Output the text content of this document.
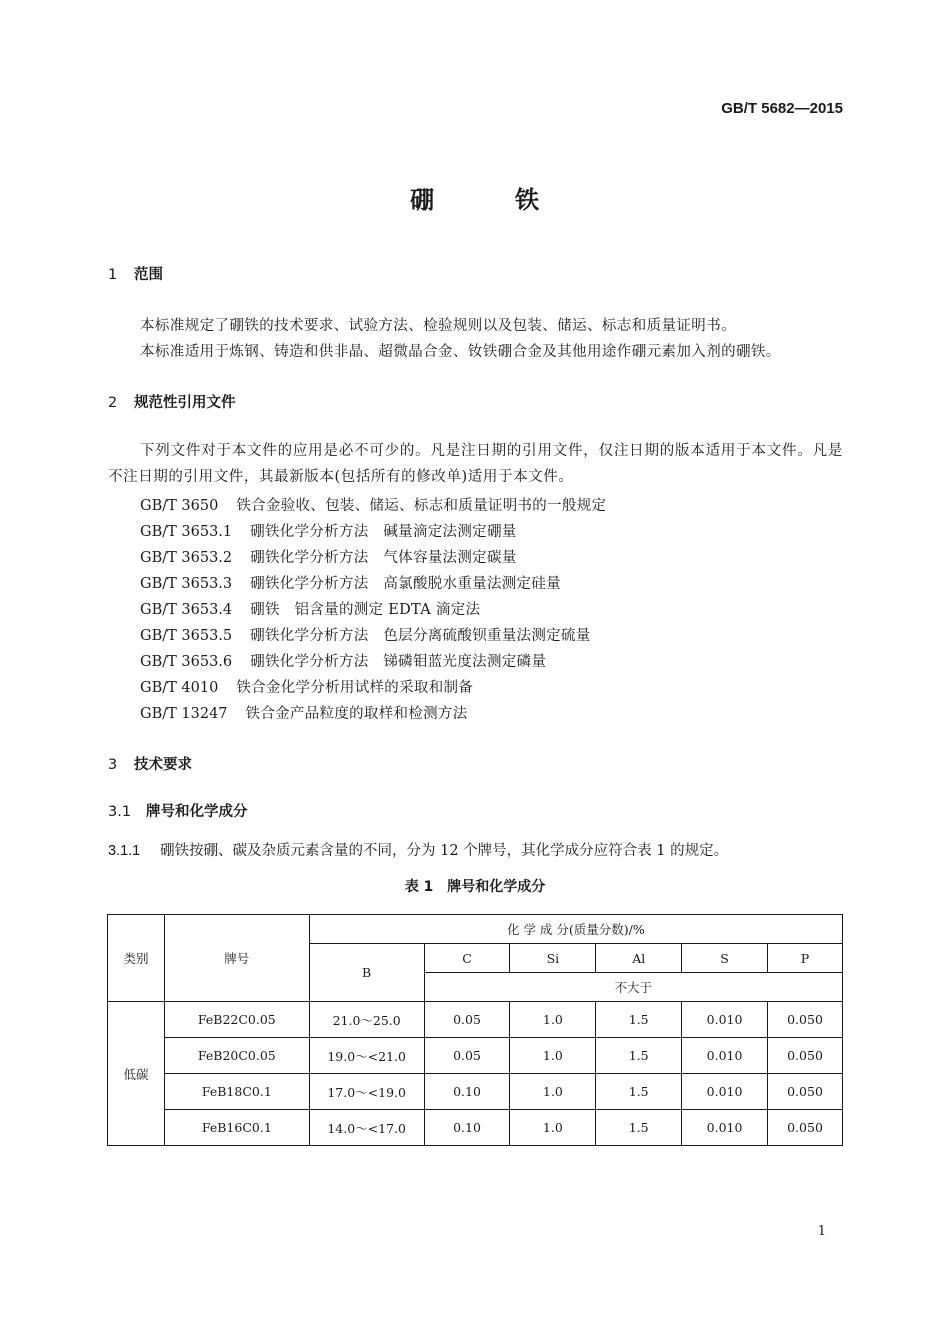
GB/T 5682—2015
硼	铁
1 范围
本标准规定了硼铁的技术要求、试验方法、检验规则以及包装、储运、标志和质量证明书。
本标准适用于炼钢、铸造和供非晶、超微晶合金、钕铁硼合金及其他用途作硼元素加入剂的硼铁。
2 规范性引用文件
下列文件对于本文件的应用是必不可少的。凡是注日期的引用文件，仅注日期的版本适用于本文件。凡是不注日期的引用文件，其最新版本(包括所有的修改单)适用于本文件。
GB/T 3650 铁合金验收、包装、储运、标志和质量证明书的一般规定
GB/T 3653.1 硼铁化学分析方法　碱量滴定法测定硼量
GB/T 3653.2 硼铁化学分析方法　气体容量法测定碳量
GB/T 3653.3 硼铁化学分析方法　高氯酸脱水重量法测定硅量
GB/T 3653.4 硼铁　铝含量的测定 EDTA 滴定法
GB/T 3653.5 硼铁化学分析方法　色层分离硫酸钡重量法测定硫量
GB/T 3653.6 硼铁化学分析方法　锑磷钼蓝光度法测定磷量
GB/T 4010 铁合金化学分析用试样的采取和制备
GB/T 13247 铁合金产品粒度的取样和检测方法
3 技术要求
3.1 牌号和化学成分
3.1.1 硼铁按硼、碳及杂质元素含量的不同，分为 12 个牌号，其化学成分应符合表 1 的规定。
表 1　牌号和化学成分
类别	牌号	化 学 成 分(质量分数)/%					
		B	C	Si	Al	S	P
			不大于				
低碳	FeB22C0.05	21.0～25.0	0.05	1.0	1.5	0.010	0.050
	FeB20C0.05	19.0～<21.0	0.05	1.0	1.5	0.010	0.050
	FeB18C0.1	17.0～<19.0	0.10	1.0	1.5	0.010	0.050
	FeB16C0.1	14.0～<17.0	0.10	1.0	1.5	0.010	0.050
1
